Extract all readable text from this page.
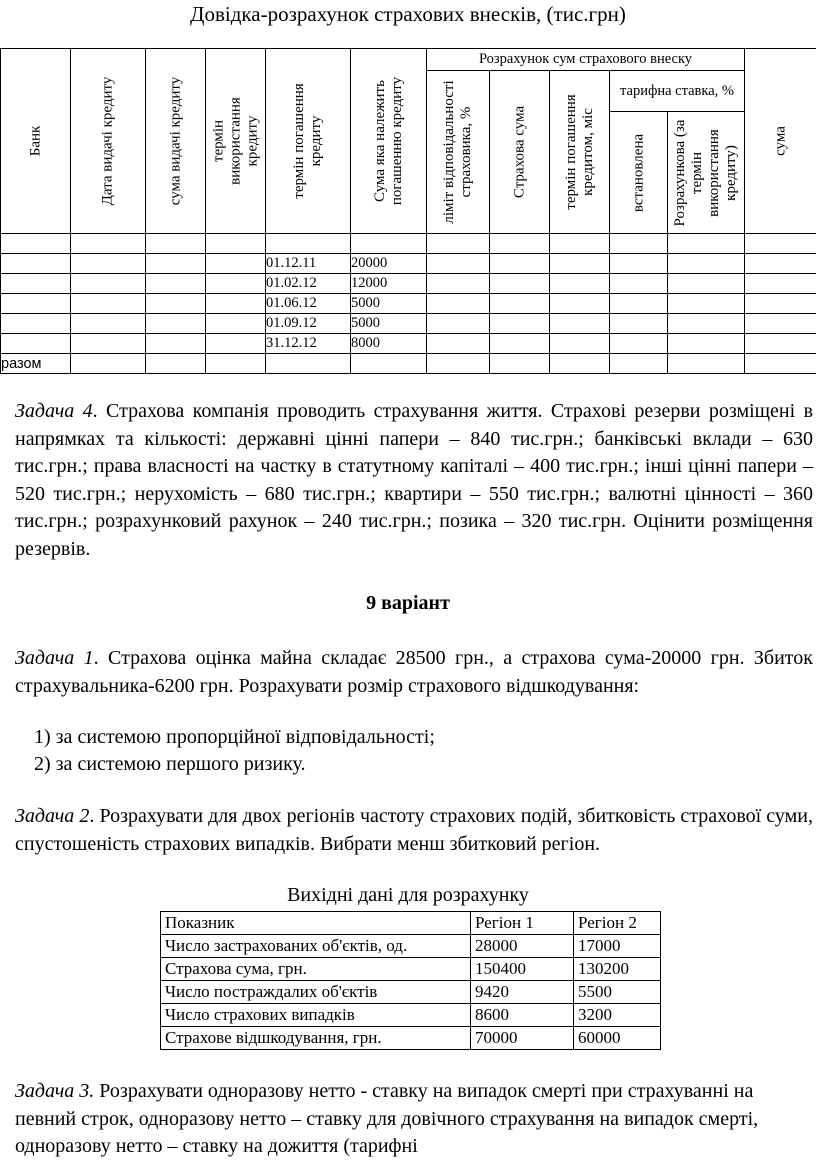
Довідка-розрахунок страхових внесків, (тис.грн)
Банк	Дата видачі кредиту	сума видачі кредиту	термін використання кредиту	термін погашення кредиту	Сума яка належить погашенню кредиту	Розрахунок сум страхового внеску					сума

						ліміт відповідальності страховика, %	Страхова сума	термін погашення кредитом, міс	тарифна ставка, %		

									встановлена	Розрахункова (за термін використання кредиту)	

				01.12.11	20000						
				01.02.12	12000						
				01.06.12	5000						
				01.09.12	5000						
				31.12.12	8000						
разом											
Задача 4. Страхова компанія проводить страхування життя. Страхові резерви розміщені в напрямках та кількості: державні цінні папери – 840 тис.грн.; банківські вклади – 630 тис.грн.; права власності на частку в статутному капіталі – 400 тис.грн.; інші цінні папери – 520 тис.грн.; нерухомість – 680 тис.грн.; квартири – 550 тис.грн.; валютні цінності – 360 тис.грн.; розрахунковий рахунок – 240 тис.грн.; позика – 320 тис.грн. Оцінити розміщення резервів.
9 варіант
Задача 1. Страхова оцінка майна складає 28500 грн., а страхова сума-20000 грн. Збиток страхувальника-6200 грн. Розрахувати розмір страхового відшкодування:
1) за системою пропорційної відповідальності;
2) за системою першого ризику.
Задача 2. Розрахувати для двох регіонів частоту страхових подій, збитковість страхової суми, спустошеність страхових випадків. Вибрати менш збитковий регіон.
Вихідні дані для розрахунку
Показник	Регіон 1	Регіон 2
Число застрахованих об'єктів, од.	28000	17000
Страхова сума, грн.	150400	130200
Число постраждалих об'єктів	9420	5500
Число страхових випадків	8600	3200
Страхове відшкодування, грн.	70000	60000
Задача 3. Розрахувати одноразову нетто - ставку на випадок смерті при страхуванні на певний строк, одноразову нетто – ставку для довічного страхування на випадок смерті, одноразову нетто – ставку на дожиття (тарифні
